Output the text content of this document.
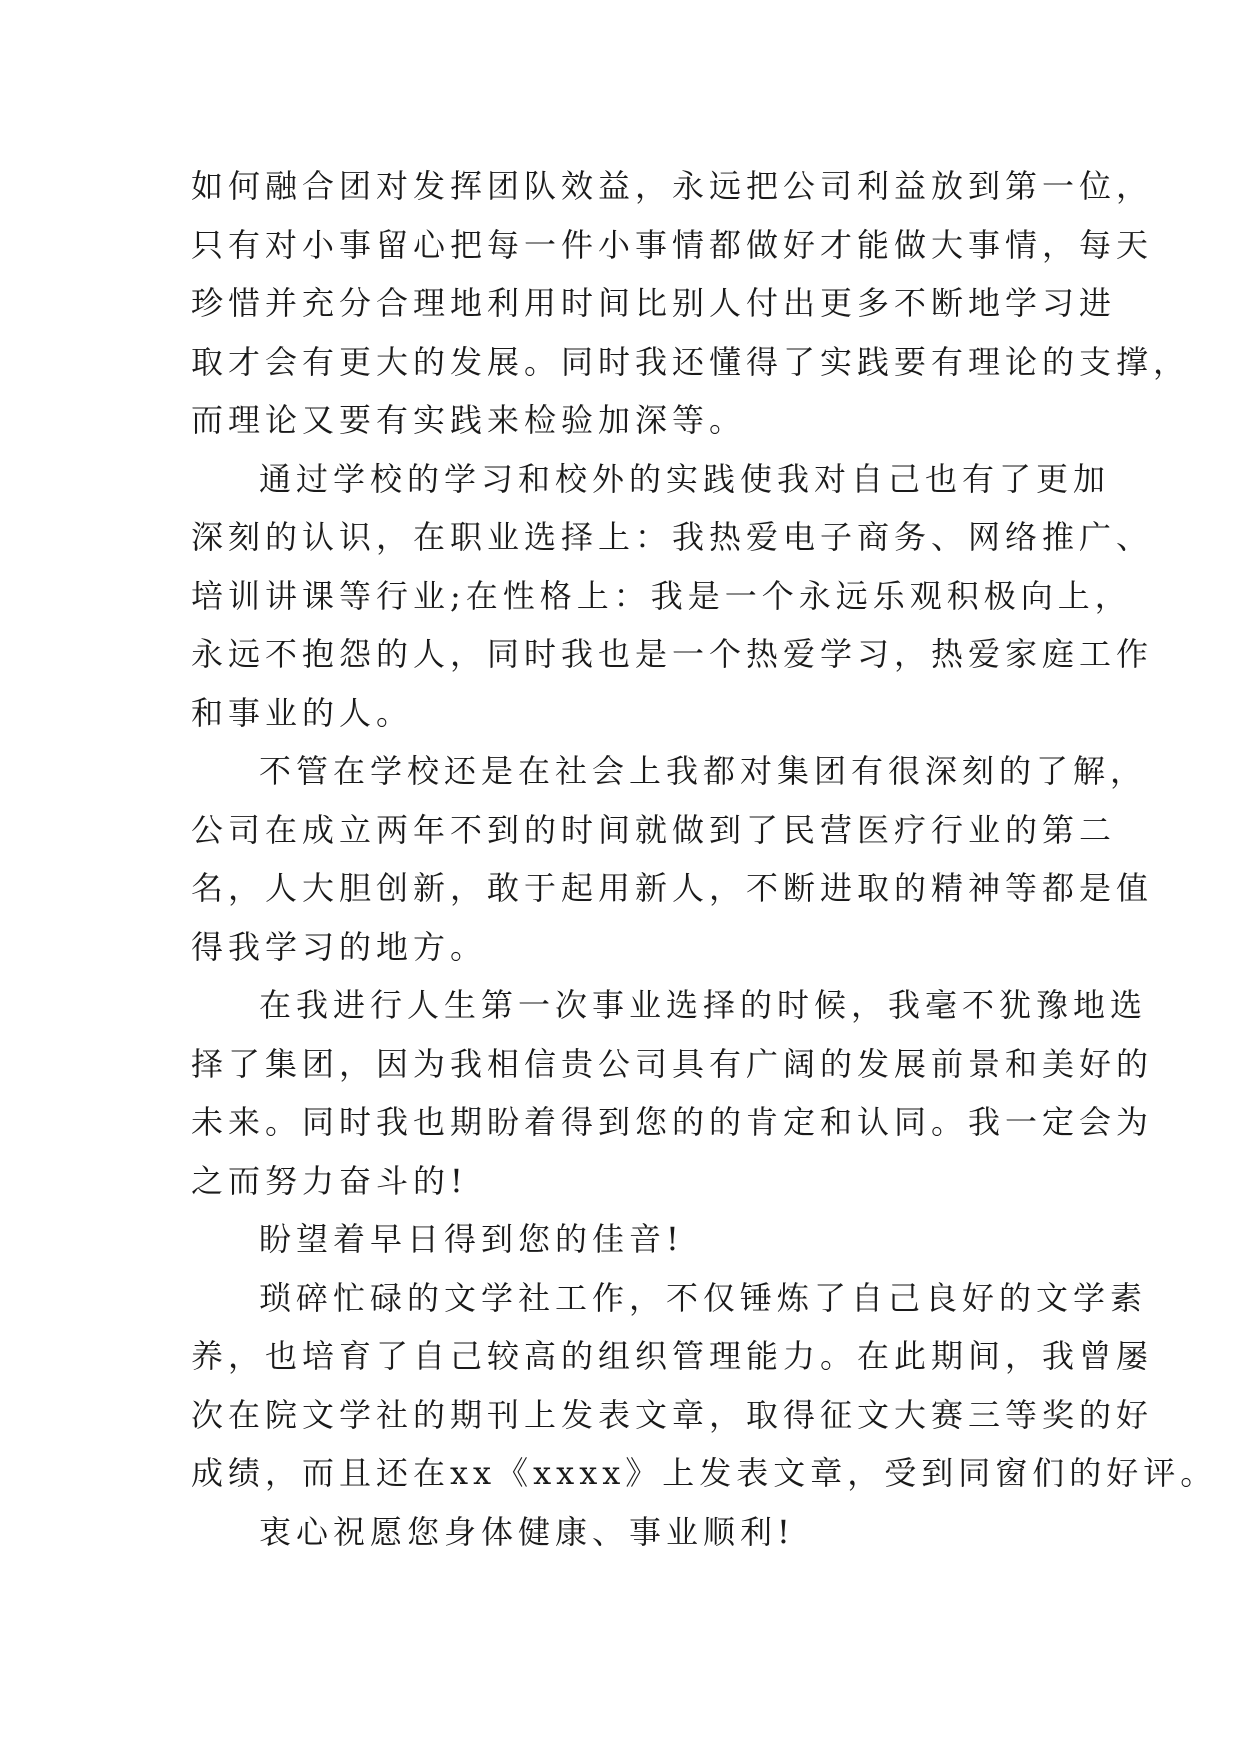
如何融合团对发挥团队效益，永远把公司利益放到第一位，
只有对小事留心把每一件小事情都做好才能做大事情，每天
珍惜并充分合理地利用时间比别人付出更多不断地学习进
取才会有更大的发展。同时我还懂得了实践要有理论的支撑，
而理论又要有实践来检验加深等。
通过学校的学习和校外的实践使我对自己也有了更加
深刻的认识，在职业选择上：我热爱电子商务、网络推广、
培训讲课等行业;在性格上：我是一个永远乐观积极向上，
永远不抱怨的人，同时我也是一个热爱学习，热爱家庭工作
和事业的人。
不管在学校还是在社会上我都对集团有很深刻的了解，
公司在成立两年不到的时间就做到了民营医疗行业的第二
名，人大胆创新，敢于起用新人，不断进取的精神等都是值
得我学习的地方。
在我进行人生第一次事业选择的时候，我毫不犹豫地选
择了集团，因为我相信贵公司具有广阔的发展前景和美好的
未来。同时我也期盼着得到您的的肯定和认同。我一定会为
之而努力奋斗的!
盼望着早日得到您的佳音!
琐碎忙碌的文学社工作，不仅锤炼了自己良好的文学素
养，也培育了自己较高的组织管理能力。在此期间，我曾屡
次在院文学社的期刊上发表文章，取得征文大赛三等奖的好
成绩，而且还在xx《xxxx》上发表文章，受到同窗们的好评。
衷心祝愿您身体健康、事业顺利!
